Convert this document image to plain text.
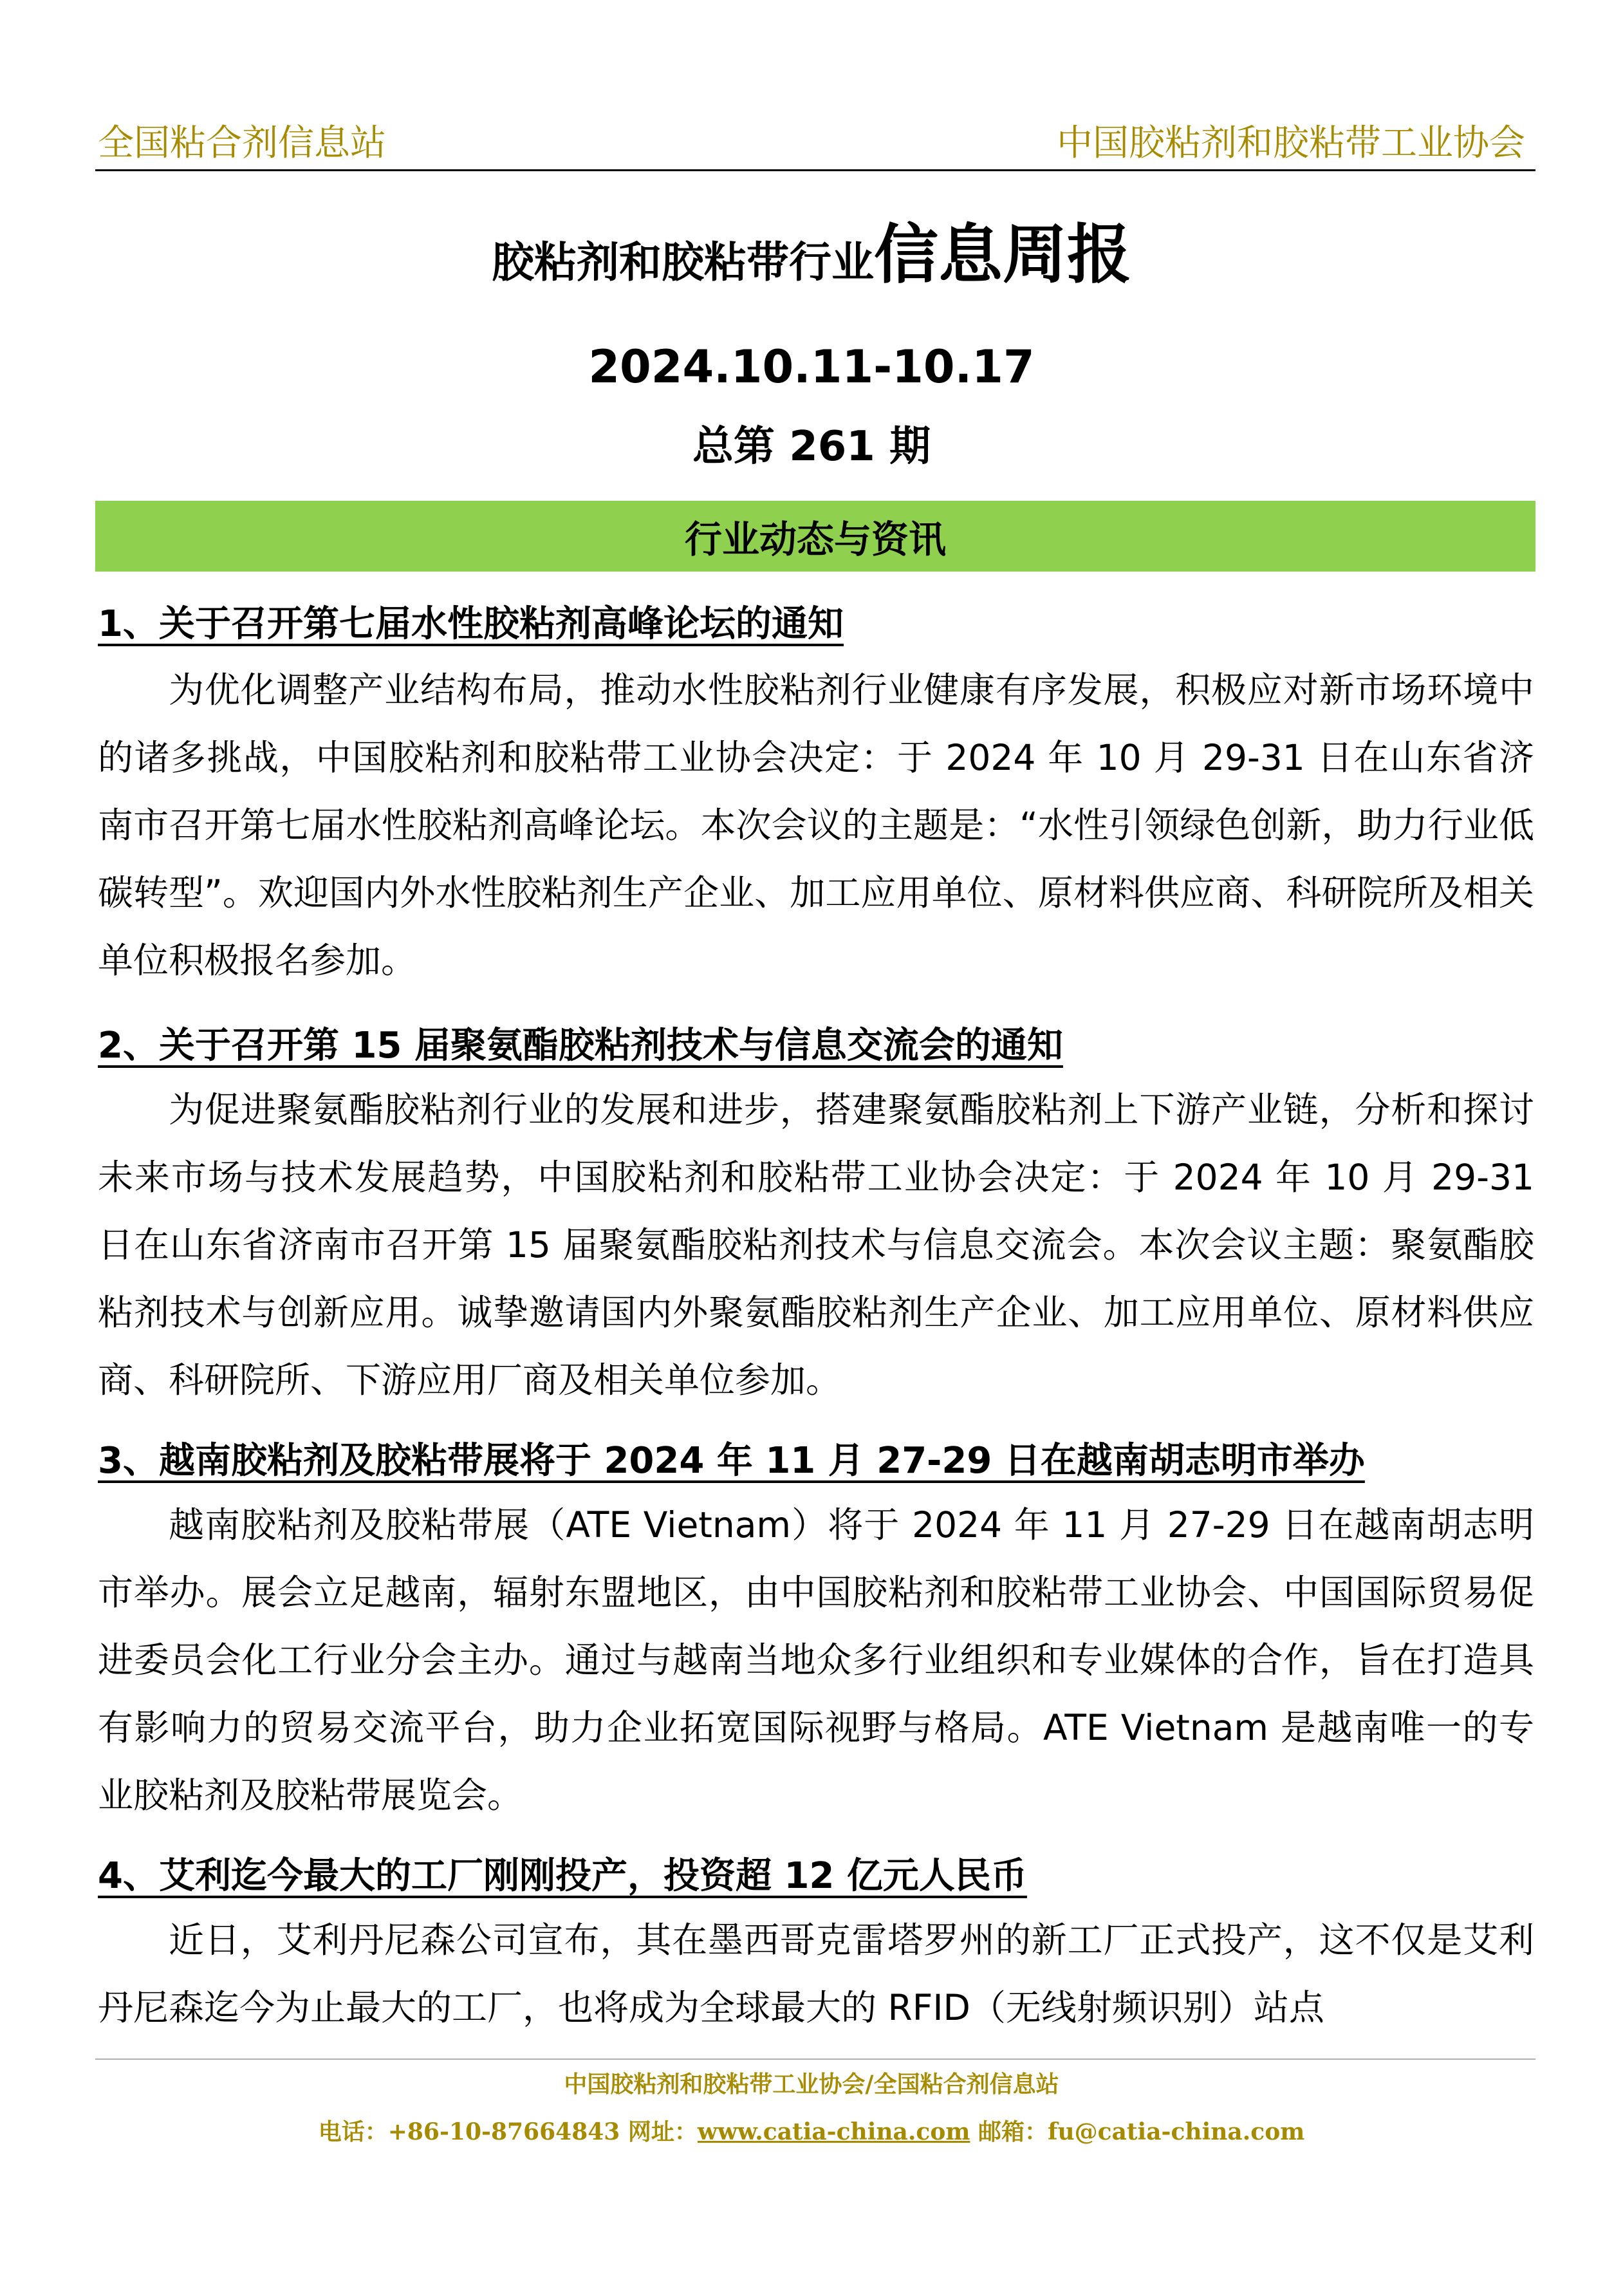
全国粘合剂信息站	中国胶粘剂和胶粘带工业协会
胶粘剂和胶粘带行业信息周报
2024.10.11-10.17
总第 261 期
行业动态与资讯
1、关于召开第七届水性胶粘剂高峰论坛的通知
为优化调整产业结构布局，推动水性胶粘剂行业健康有序发展，积极应对新市场环境中的诸多挑战，中国胶粘剂和胶粘带工业协会决定：于 2024 年 10 月 29-31 日在山东省济南市召开第七届水性胶粘剂高峰论坛。本次会议的主题是：“水性引领绿色创新，助力行业低碳转型”。欢迎国内外水性胶粘剂生产企业、加工应用单位、原材料供应商、科研院所及相关单位积极报名参加。
2、关于召开第 15 届聚氨酯胶粘剂技术与信息交流会的通知
为促进聚氨酯胶粘剂行业的发展和进步，搭建聚氨酯胶粘剂上下游产业链，分析和探讨未来市场与技术发展趋势，中国胶粘剂和胶粘带工业协会决定：于 2024 年 10 月 29-31 日在山东省济南市召开第 15 届聚氨酯胶粘剂技术与信息交流会。本次会议主题：聚氨酯胶粘剂技术与创新应用。诚挚邀请国内外聚氨酯胶粘剂生产企业、加工应用单位、原材料供应商、科研院所、下游应用厂商及相关单位参加。
3、越南胶粘剂及胶粘带展将于 2024 年 11 月 27-29 日在越南胡志明市举办
越南胶粘剂及胶粘带展（ATE Vietnam）将于 2024 年 11 月 27-29 日在越南胡志明市举办。展会立足越南，辐射东盟地区，由中国胶粘剂和胶粘带工业协会、中国国际贸易促进委员会化工行业分会主办。通过与越南当地众多行业组织和专业媒体的合作，旨在打造具有影响力的贸易交流平台，助力企业拓宽国际视野与格局。ATE Vietnam 是越南唯一的专业胶粘剂及胶粘带展览会。
4、艾利迄今最大的工厂刚刚投产，投资超 12 亿元人民币
近日，艾利丹尼森公司宣布，其在墨西哥克雷塔罗州的新工厂正式投产，这不仅是艾利丹尼森迄今为止最大的工厂，也将成为全球最大的 RFID（无线射频识别）站点
中国胶粘剂和胶粘带工业协会/全国粘合剂信息站
电话：+86-10-87664843 网址：www.catia-china.com 邮箱：fu@catia-china.com
